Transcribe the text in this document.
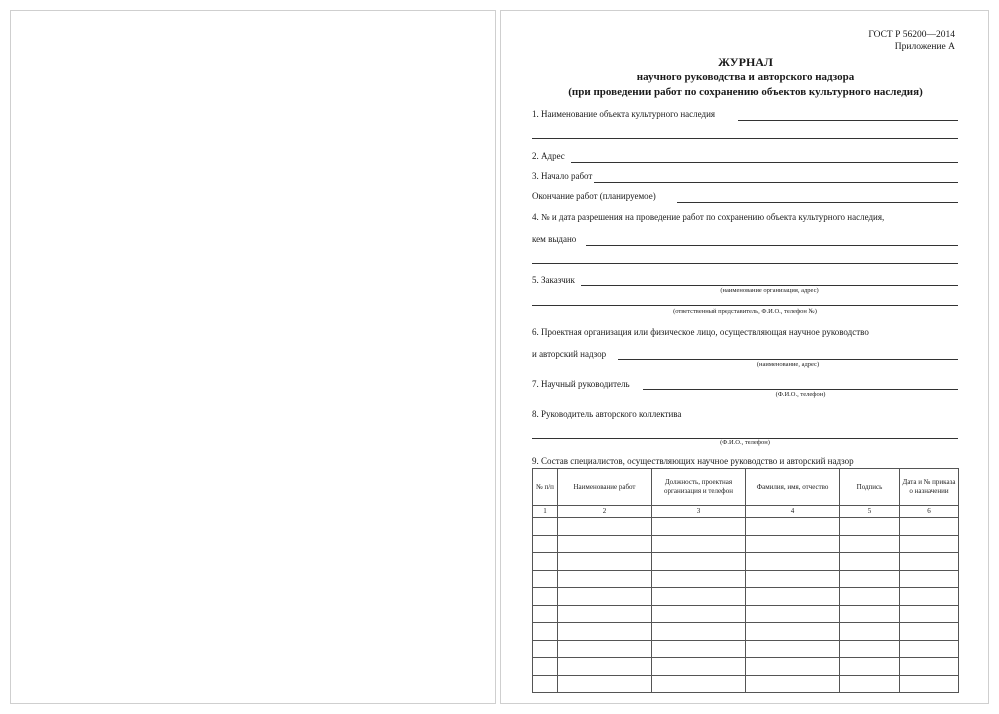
ГОСТ Р 56200—2014
Приложение А
ЖУРНАЛ
научного руководства и авторского надзора
(при проведении работ по сохранению объектов культурного наследия)
1. Наименование объекта культурного наследия
2. Адрес
3. Начало работ
Окончание работ (планируемое)
4. № и дата разрешения на проведение работ по сохранению объекта культурного наследия,
кем выдано
5. Заказчик
(наименование организация, адрес)
(ответственный представитель, Ф.И.О., телефон №)
6. Проектная организация или физическое лицо, осуществляющая научное руководство
и авторский надзор
(наименование, адрес)
7. Научный руководитель
(Ф.И.О., телефон)
8. Руководитель авторского коллектива
(Ф.И.О., телефон)
9. Состав специалистов, осуществляющих научное руководство и авторский надзор
№ п/п	Наименование работ	Должность, проектная организация и телефон	Фамилия, имя, отчество	Подпись	Дата и № приказа о назначении
1	2	3	4	5	6
